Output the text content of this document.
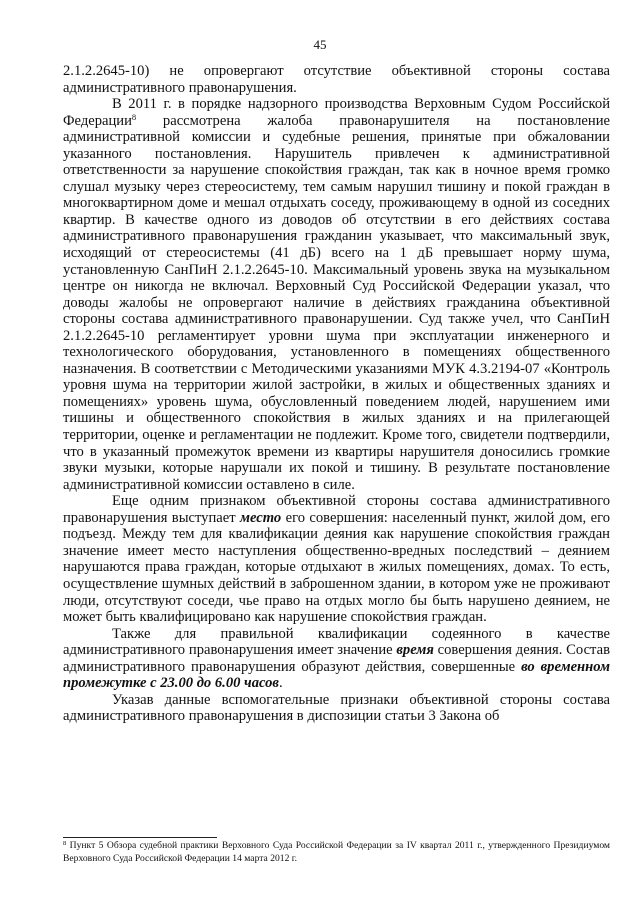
45

2.1.2.2645-10) не опровергают отсутствие объективной стороны состава административного правонарушения.

В 2011 г. в порядке надзорного производства Верховным Судом Российской Федерации$^8$ рассмотрена жалоба правонарушителя на постановление административной комиссии и судебные решения, принятые при обжаловании указанного постановления. Нарушитель привлечен к административной ответственности за нарушение спокойствия граждан, так как в ночное время громко слушал музыку через стереосистему, тем самым нарушил тишину и покой граждан в многоквартирном доме и мешал отдыхать соседу, проживающему в одной из соседних квартир. В качестве одного из доводов об отсутствии в его действиях состава административного правонарушения гражданин указывает, что максимальный звук, исходящий от стереосистемы (41 дБ) всего на 1 дБ превышает норму шума, установленную СанПиН 2.1.2.2645-10. Максимальный уровень звука на музыкальном центре он никогда не включал. Верховный Суд Российской Федерации указал, что доводы жалобы не опровергают наличие в действиях гражданина объективной стороны состава административного правонарушении. Суд также учел, что СанПиН 2.1.2.2645-10 регламентирует уровни шума при эксплуатации инженерного и технологического оборудования, установленного в помещениях общественного назначения. В соответствии с Методическими указаниями МУК 4.3.2194-07 «Контроль уровня шума на территории жилой застройки, в жилых и общественных зданиях и помещениях» уровень шума, обусловленный поведением людей, нарушением ими тишины и общественного спокойствия в жилых зданиях и на прилегающей территории, оценке и регламентации не подлежит. Кроме того, свидетели подтвердили, что в указанный промежуток времени из квартиры нарушителя доносились громкие звуки музыки, которые нарушали их покой и тишину. В результате постановление административной комиссии оставлено в силе.

Еще одним признаком объективной стороны состава административного правонарушения выступает место его совершения: населенный пункт, жилой дом, его подъезд. Между тем для квалификации деяния как нарушение спокойствия граждан значение имеет место наступления общественно-вредных последствий – деянием нарушаются права граждан, которые отдыхают в жилых помещениях, домах. То есть, осуществление шумных действий в заброшенном здании, в котором уже не проживают люди, отсутствуют соседи, чье право на отдых могло бы быть нарушено деянием, не может быть квалифицировано как нарушение спокойствия граждан.

Также для правильной квалификации содеянного в качестве административного правонарушения имеет значение время совершения деяния. Состав административного правонарушения образуют действия, совершенные во временном промежутке с 23.00 до 6.00 часов.

Указав данные вспомогательные признаки объективной стороны состава административного правонарушения в диспозиции статьи 3 Закона об

$^8$ Пункт 5 Обзора судебной практики Верховного Суда Российской Федерации за IV квартал 2011 г., утвержденного Президиумом Верховного Суда Российской Федерации 14 марта 2012 г.
